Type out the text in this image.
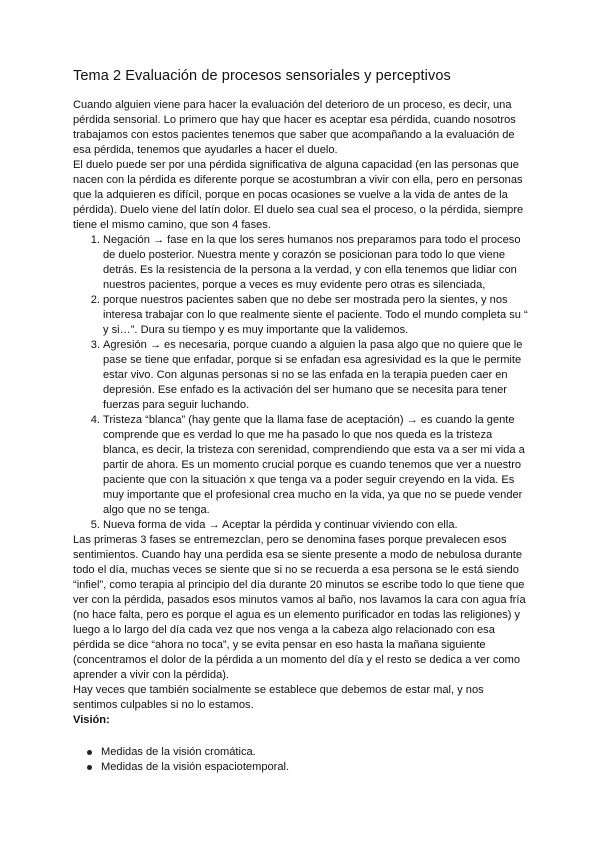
Tema 2 Evaluación de procesos sensoriales y perceptivos

Cuando alguien viene para hacer la evaluación del deterioro de un proceso, es decir, una pérdida sensorial. Lo primero que hay que hacer es aceptar esa pérdida, cuando nosotros trabajamos con estos pacientes tenemos que saber que acompañando a la evaluación de esa pérdida, tenemos que ayudarles a hacer el duelo.

El duelo puede ser por una pérdida significativa de alguna capacidad (en las personas que nacen con la pérdida es diferente porque se acostumbran a vivir con ella, pero en personas que la adquieren es difícil, porque en pocas ocasiones se vuelve a la vida de antes de la pérdida). Duelo viene del latín dolor. El duelo sea cual sea el proceso, o la pérdida, siempre tiene el mismo camino, que son 4 fases.

1. Negación → fase en la que los seres humanos nos preparamos para todo el proceso de duelo posterior. Nuestra mente y corazón se posicionan para todo lo que viene detrás. Es la resistencia de la persona a la verdad, y con ella tenemos que lidiar con nuestros pacientes, porque a veces es muy evidente pero otras es silenciada,
2. porque nuestros pacientes saben que no debe ser mostrada pero la sientes, y nos interesa trabajar con lo que realmente siente el paciente. Todo el mundo completa su “ y si…”. Dura su tiempo y es muy importante que la validemos.
3. Agresión → es necesaria, porque cuando a alguien la pasa algo que no quiere que le pase se tiene que enfadar, porque si se enfadan esa agresividad es la que le permite estar vivo. Con algunas personas si no se las enfada en la terapia pueden caer en depresión. Ese enfado es la activación del ser humano que se necesita para tener fuerzas para seguir luchando.
4. Tristeza “blanca” (hay gente que la llama fase de aceptación) → es cuando la gente comprende que es verdad lo que me ha pasado lo que nos queda es la tristeza blanca, es decir, la tristeza con serenidad, comprendiendo que esta va a ser mi vida a partir de ahora. Es un momento crucial porque es cuando tenemos que ver a nuestro paciente que con la situación x que tenga va a poder seguir creyendo en la vida. Es muy importante que el profesional crea mucho en la vida, ya que no se puede vender algo que no se tenga.
5. Nueva forma de vida → Aceptar la pérdida y continuar viviendo con ella.

Las primeras 3 fases se entremezclan, pero se denomina fases porque prevalecen esos sentimientos. Cuando hay una perdida esa se siente presente a modo de nebulosa durante todo el día, muchas veces se siente que si no se recuerda a esa persona se le está siendo “infiel”, como terapia al principio del día durante 20 minutos se escribe todo lo que tiene que ver con la pérdida, pasados esos minutos vamos al baño, nos lavamos la cara con agua fría (no hace falta, pero es porque el agua es un elemento purificador en todas las religiones) y luego a lo largo del día cada vez que nos venga a la cabeza algo relacionado con esa pérdida se dice “ahora no toca”, y se evita pensar en eso hasta la mañana siguiente (concentramos el dolor de la pérdida a un momento del día y el resto se dedica a ver como aprender a vivir con la pérdida).

Hay veces que también socialmente se establece que debemos de estar mal, y nos sentimos culpables si no lo estamos.

Visión:
Medidas de la visión cromática.
Medidas de la visión espaciotemporal.
